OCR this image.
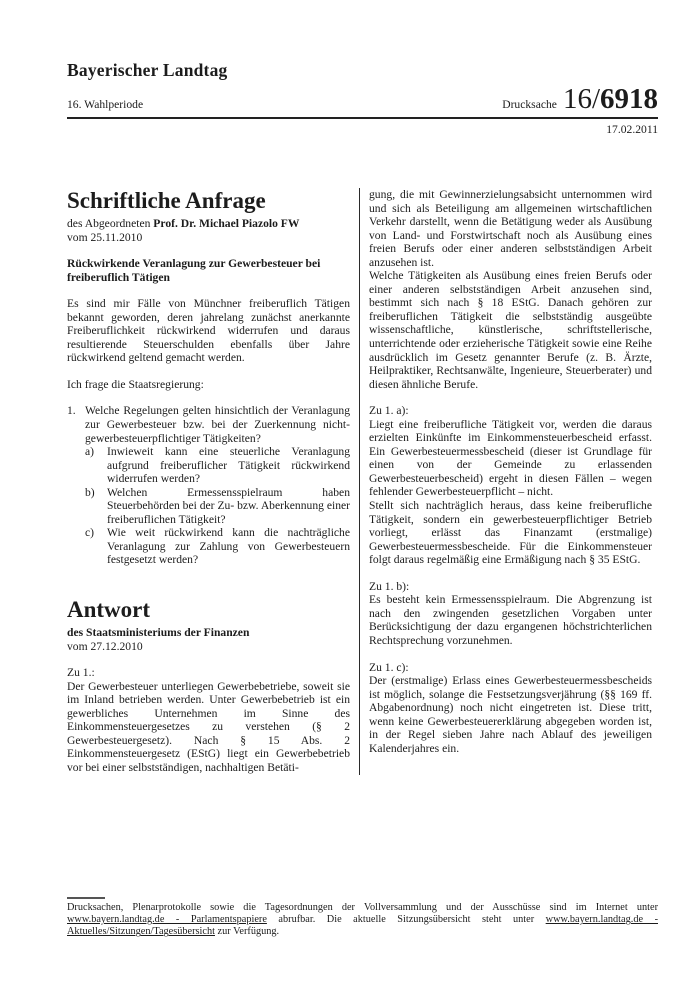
Bayerischer Landtag
16. Wahlperiode	Drucksache 16/6918
17.02.2011
Schriftliche Anfrage
des Abgeordneten Prof. Dr. Michael Piazolo FW
vom 25.11.2010
Rückwirkende Veranlagung zur Gewerbesteuer bei freiberuflich Tätigen

Es sind mir Fälle von Münchner freiberuflich Tätigen bekannt geworden, deren jahrelang zunächst anerkannte Freiberuflichkeit rückwirkend widerrufen und daraus resultierende Steuerschulden ebenfalls über Jahre rückwirkend geltend gemacht werden.

Ich frage die Staatsregierung:
1. Welche Regelungen gelten hinsichtlich der Veranlagung zur Gewerbesteuer bzw. bei der Zuerkennung nicht-gewerbesteuerpflichtiger Tätigkeiten?

a) Inwieweit kann eine steuerliche Veranlagung aufgrund freiberuflicher Tätigkeit rückwirkend widerrufen werden?

b) Welchen Ermessensspielraum haben Steuerbehörden bei der Zu- bzw. Aberkennung einer freiberuflichen Tätigkeit?

c) Wie weit rückwirkend kann die nachträgliche Veranlagung zur Zahlung von Gewerbesteuern festgesetzt werden?

Antwort
des Staatsministeriums der Finanzen
vom 27.12.2010
Zu 1.:

Der Gewerbesteuer unterliegen Gewerbebetriebe, soweit sie im Inland betrieben werden. Unter Gewerbebetrieb ist ein gewerbliches Unternehmen im Sinne des Einkommensteuergesetzes zu verstehen (§ 2 Gewerbesteuergesetz). Nach § 15 Abs. 2 Einkommensteuergesetz (EStG) liegt ein Gewerbebetrieb vor bei einer selbstständigen, nachhaltigen Betäti-

gung, die mit Gewinnerzielungsabsicht unternommen wird und sich als Beteiligung am allgemeinen wirtschaftlichen Verkehr darstellt, wenn die Betätigung weder als Ausübung von Land- und Forstwirtschaft noch als Ausübung eines freien Berufs oder einer anderen selbstständigen Arbeit anzusehen ist.

Welche Tätigkeiten als Ausübung eines freien Berufs oder einer anderen selbstständigen Arbeit anzusehen sind, bestimmt sich nach § 18 EStG. Danach gehören zur freiberuflichen Tätigkeit die selbstständig ausgeübte wissenschaftliche, künstlerische, schriftstellerische, unterrichtende oder erzieherische Tätigkeit sowie eine Reihe ausdrücklich im Gesetz genannter Berufe (z. B. Ärzte, Heilpraktiker, Rechtsanwälte, Ingenieure, Steuerberater) und diesen ähnliche Berufe.

Zu 1. a):

Liegt eine freiberufliche Tätigkeit vor, werden die daraus erzielten Einkünfte im Einkommensteuerbescheid erfasst. Ein Gewerbesteuermessbescheid (dieser ist Grundlage für einen von der Gemeinde zu erlassenden Gewerbesteuerbescheid) ergeht in diesen Fällen – wegen fehlender Gewerbesteuerpflicht – nicht.

Stellt sich nachträglich heraus, dass keine freiberufliche Tätigkeit, sondern ein gewerbesteuerpflichtiger Betrieb vorliegt, erlässt das Finanzamt (erstmalige) Gewerbesteuermessbescheide. Für die Einkommensteuer folgt daraus regelmäßig eine Ermäßigung nach § 35 EStG.

Zu 1. b):

Es besteht kein Ermessensspielraum. Die Abgrenzung ist nach den zwingenden gesetzlichen Vorgaben unter Berücksichtigung der dazu ergangenen höchstrichterlichen Rechtsprechung vorzunehmen.

Zu 1. c):

Der (erstmalige) Erlass eines Gewerbesteuermessbescheids ist möglich, solange die Festsetzungsverjährung (§§ 169 ff. Abgabenordnung) noch nicht eingetreten ist. Diese tritt, wenn keine Gewerbesteuererklärung abgegeben worden ist, in der Regel sieben Jahre nach Ablauf des jeweiligen Kalenderjahres ein.

Drucksachen, Plenarprotokolle sowie die Tagesordnungen der Vollversammlung und der Ausschüsse sind im Internet unter www.bayern.landtag.de - Parlamentspapiere abrufbar. Die aktuelle Sitzungsübersicht steht unter www.bayern.landtag.de - Aktuelles/Sitzungen/Tagesübersicht zur Verfügung.
